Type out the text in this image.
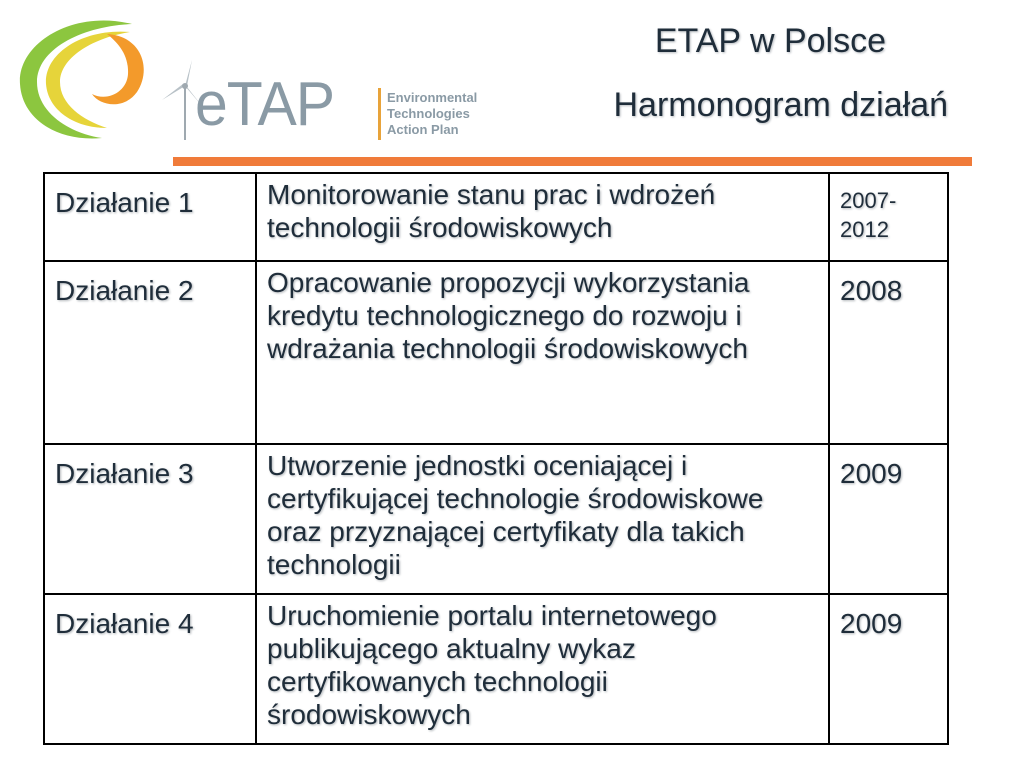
eTAP	Environmental
Technologies
Action Plan
ETAP w Polsce
Harmonogram działań
Działanie 1	Monitorowanie stanu prac i wdrożeń technologii środowiskowych	2007-2012
Działanie 2	Opracowanie propozycji wykorzystania kredytu technologicznego do rozwoju i wdrażania technologii środowiskowych	2008
Działanie 3	Utworzenie jednostki oceniającej i certyfikującej technologie środowiskowe oraz przyznającej certyfikaty dla takich technologii	2009
Działanie 4	Uruchomienie portalu internetowego publikującego aktualny wykaz certyfikowanych technologii środowiskowych	2009
